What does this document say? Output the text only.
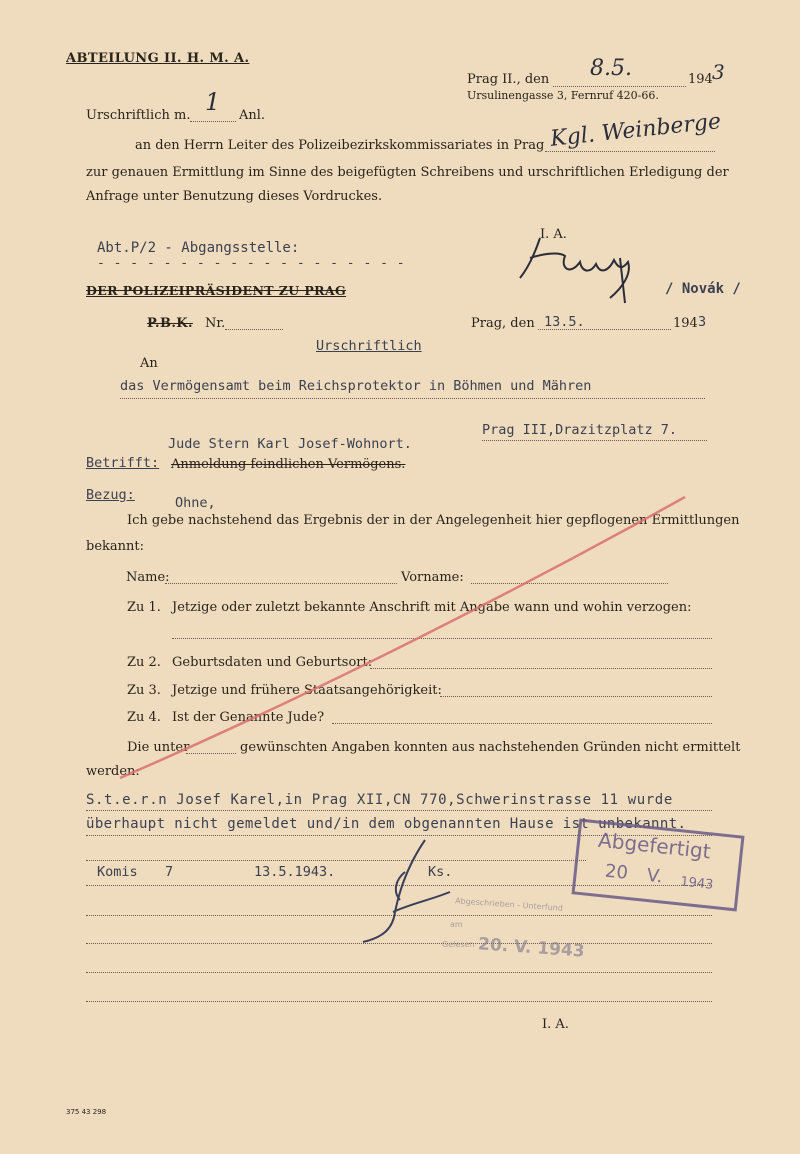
ABTEILUNG II. H. M. A.
Prag II., den 8.5.	194 3
Ursulinengasse 3, Fernruf 420-66.
Urschriftlich m. 1 Anl.
an den Herrn Leiter des Polizeibezirkskommissariates in Prag Kgl. Weinberge
zur genauen Ermittlung im Sinne des beigefügten Schreibens und urschriftlichen Erledigung der
Anfrage unter Benutzung dieses Vordruckes.
Abt.P/2 - Abgangsstelle:
- - - - - - - - - - - - - - - - - - -
I. A.
/ Novák /
DER POLIZEIPRÄSIDENT ZU PRAG
P.B.K. Nr.	Prag, den 13.5.	194 3
Urschriftlich
An
das Vermögensamt beim Reichsprotektor in Böhmen und Mähren
Prag III,Drazitzplatz 7.
Jude Stern Karl Josef-Wohnort.
Betrifft: Anmeldung feindlichen Vermögens.
Bezug:	Ohne,
Ich gebe nachstehend das Ergebnis der in der Angelegenheit hier gepflogenen Ermittlungen
bekannt:
Name:	Vorname:
Zu 1. Jetzige oder zuletzt bekannte Anschrift mit Angabe wann und wohin verzogen:
Zu 2. Geburtsdaten und Geburtsort:
Zu 3. Jetzige und frühere Staatsangehörigkeit:
Zu 4. Ist der Genannte Jude?
Die unter	gewünschten Angaben konnten aus nachstehenden Gründen nicht ermittelt
werden:
S.t.e.r.n Josef Karel,in Prag XII,CN 770,Schwerinstrasse 11 wurde
überhaupt nicht gemeldet und/in dem obgenannten Hause ist unbekannt.
Komis 7	13.5.1943.	Ks.
I. A.
Abgefertigt
20 V. 1943
Abgeschrieben - Unterfund
am
Gelesen 20. V. 1943
375 43 298
